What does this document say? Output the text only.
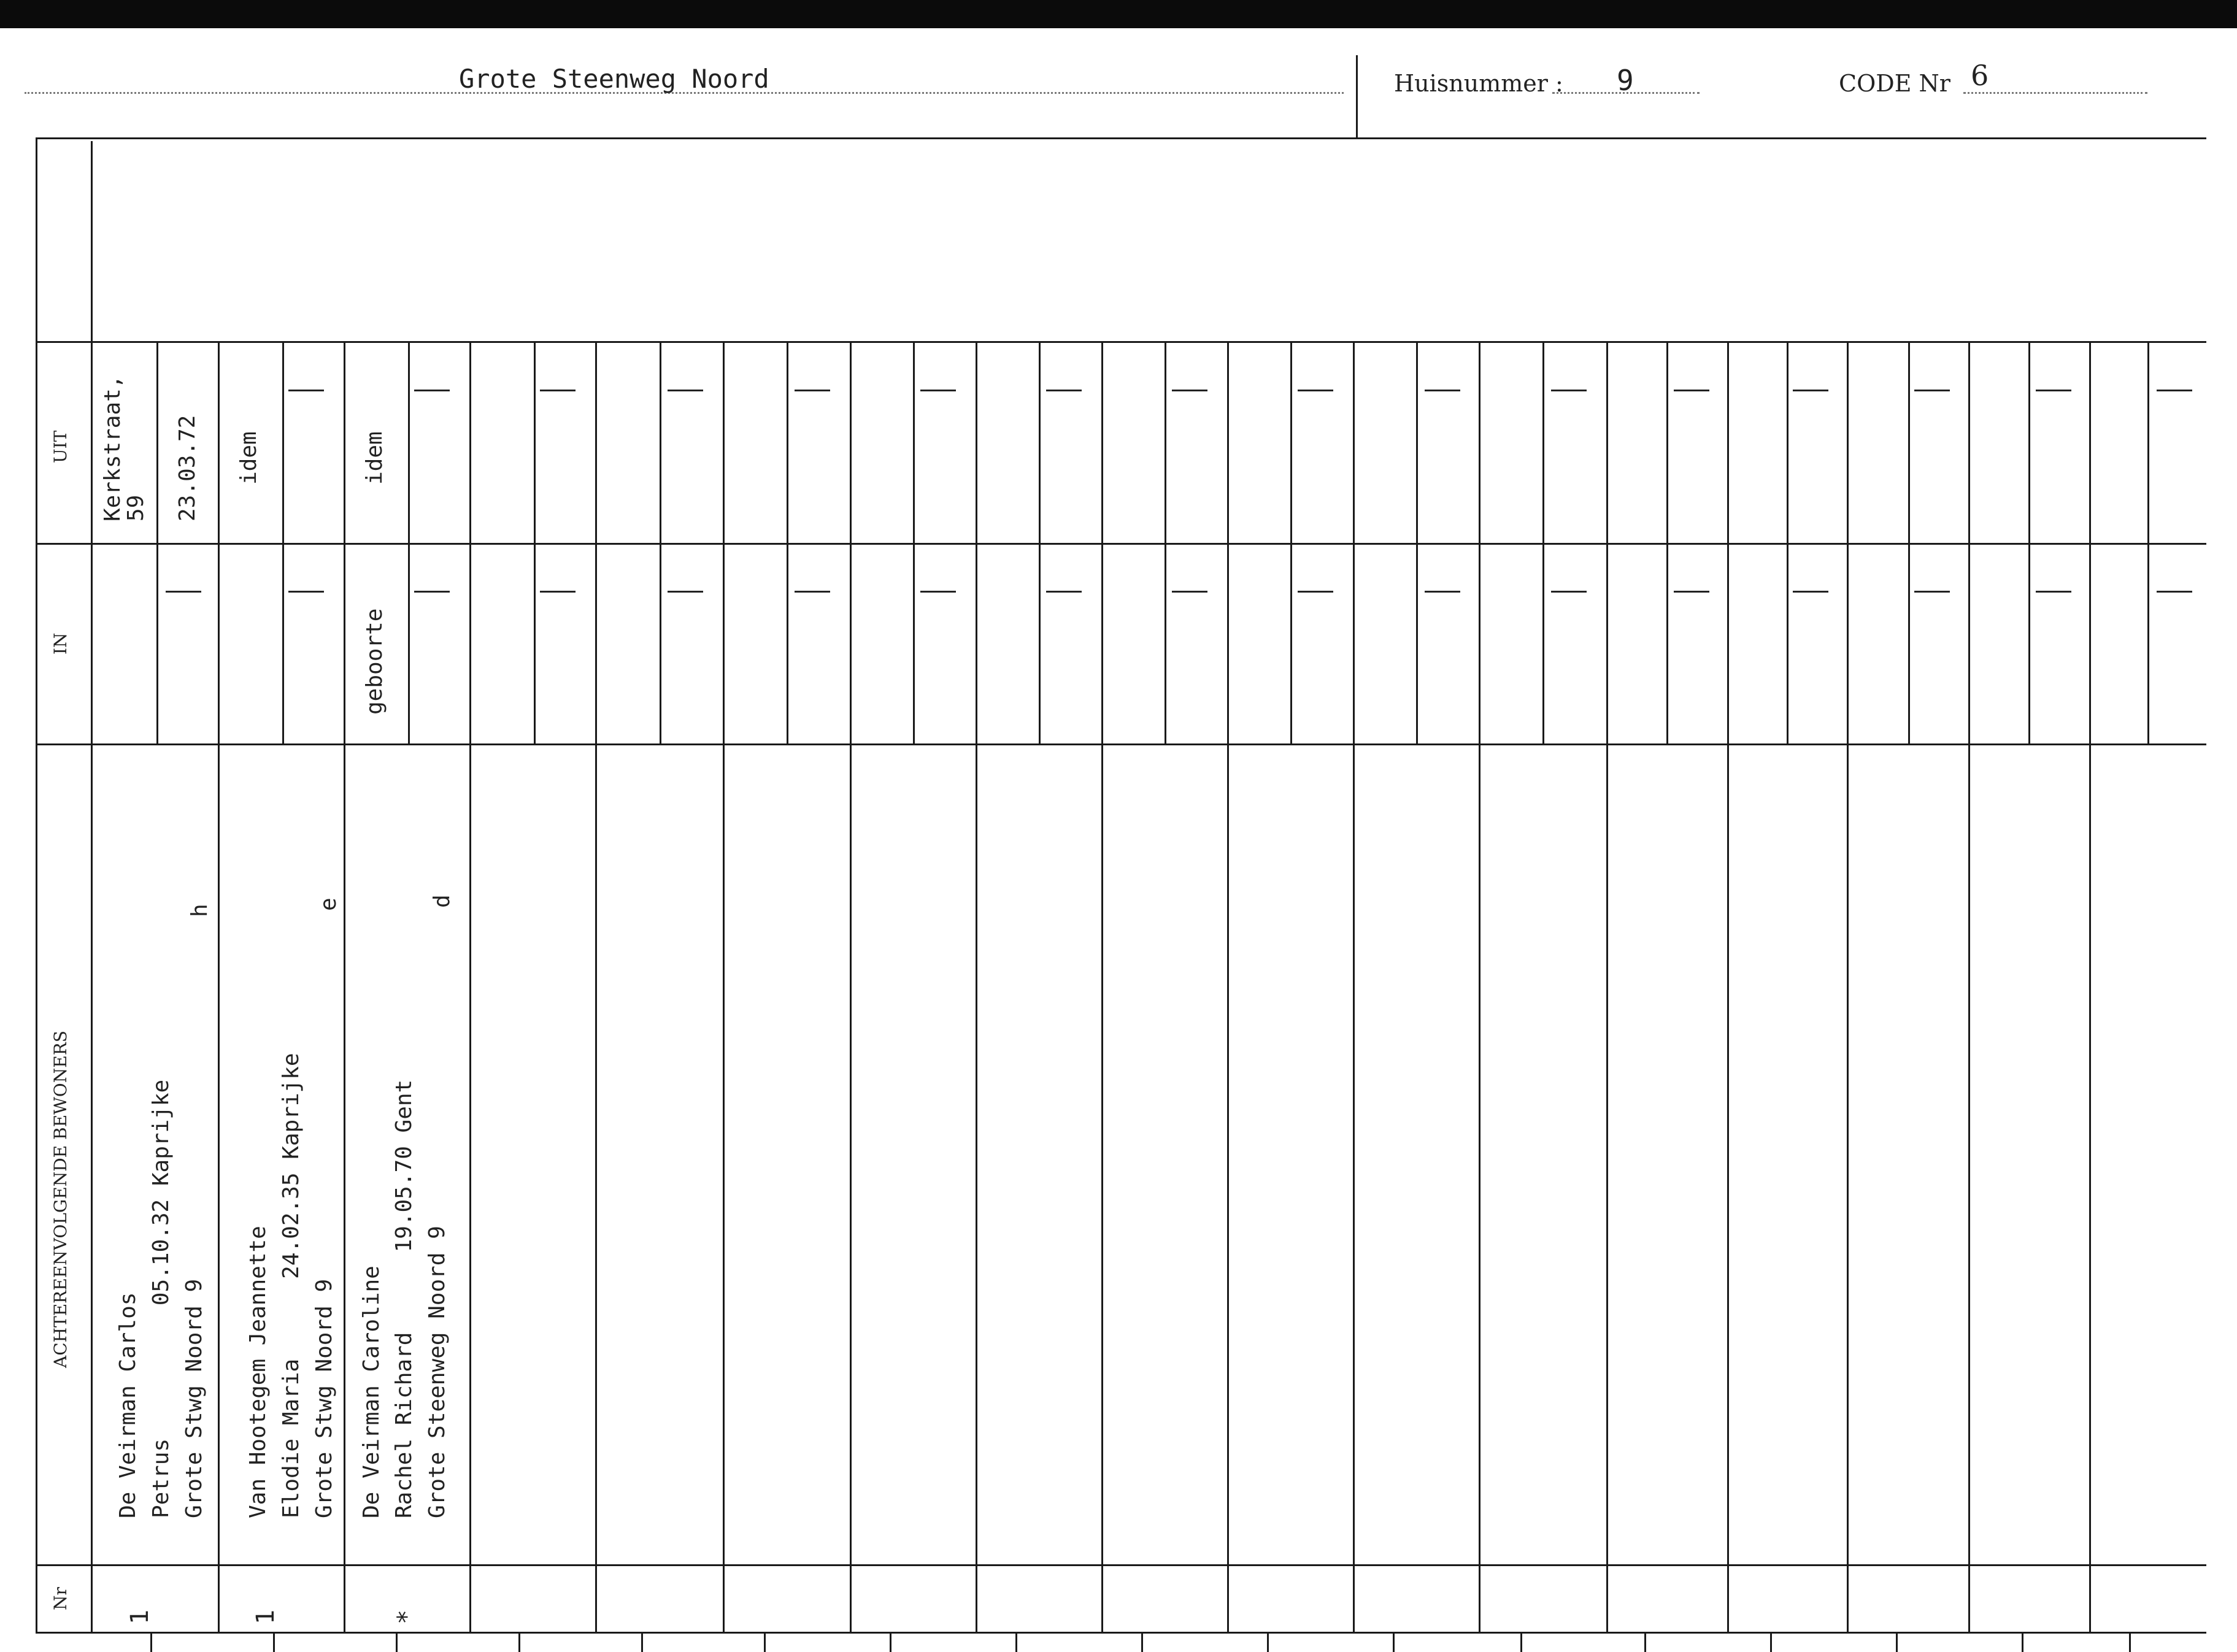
Grote Steenweg Noord	Huisnummer : 9	CODE Nr 6
UIT
IN
ACHTEREENVOLGENDE BEWONERS
Nr
Kerkstraat, 59 23.03.72
De Veirman Carlos Petrus          05.10.32 Kaprijke Grote Stwg Noord 9
h
1
idem
Van Hootegem Jeannette Elodie Maria      24.02.35 Kaprijke Grote Stwg Noord 9
e
1
idem
geboorte
De Veirman Caroline Rachel Richard      19.05.70 Gent Grote Steenweg Noord 9
d
*
